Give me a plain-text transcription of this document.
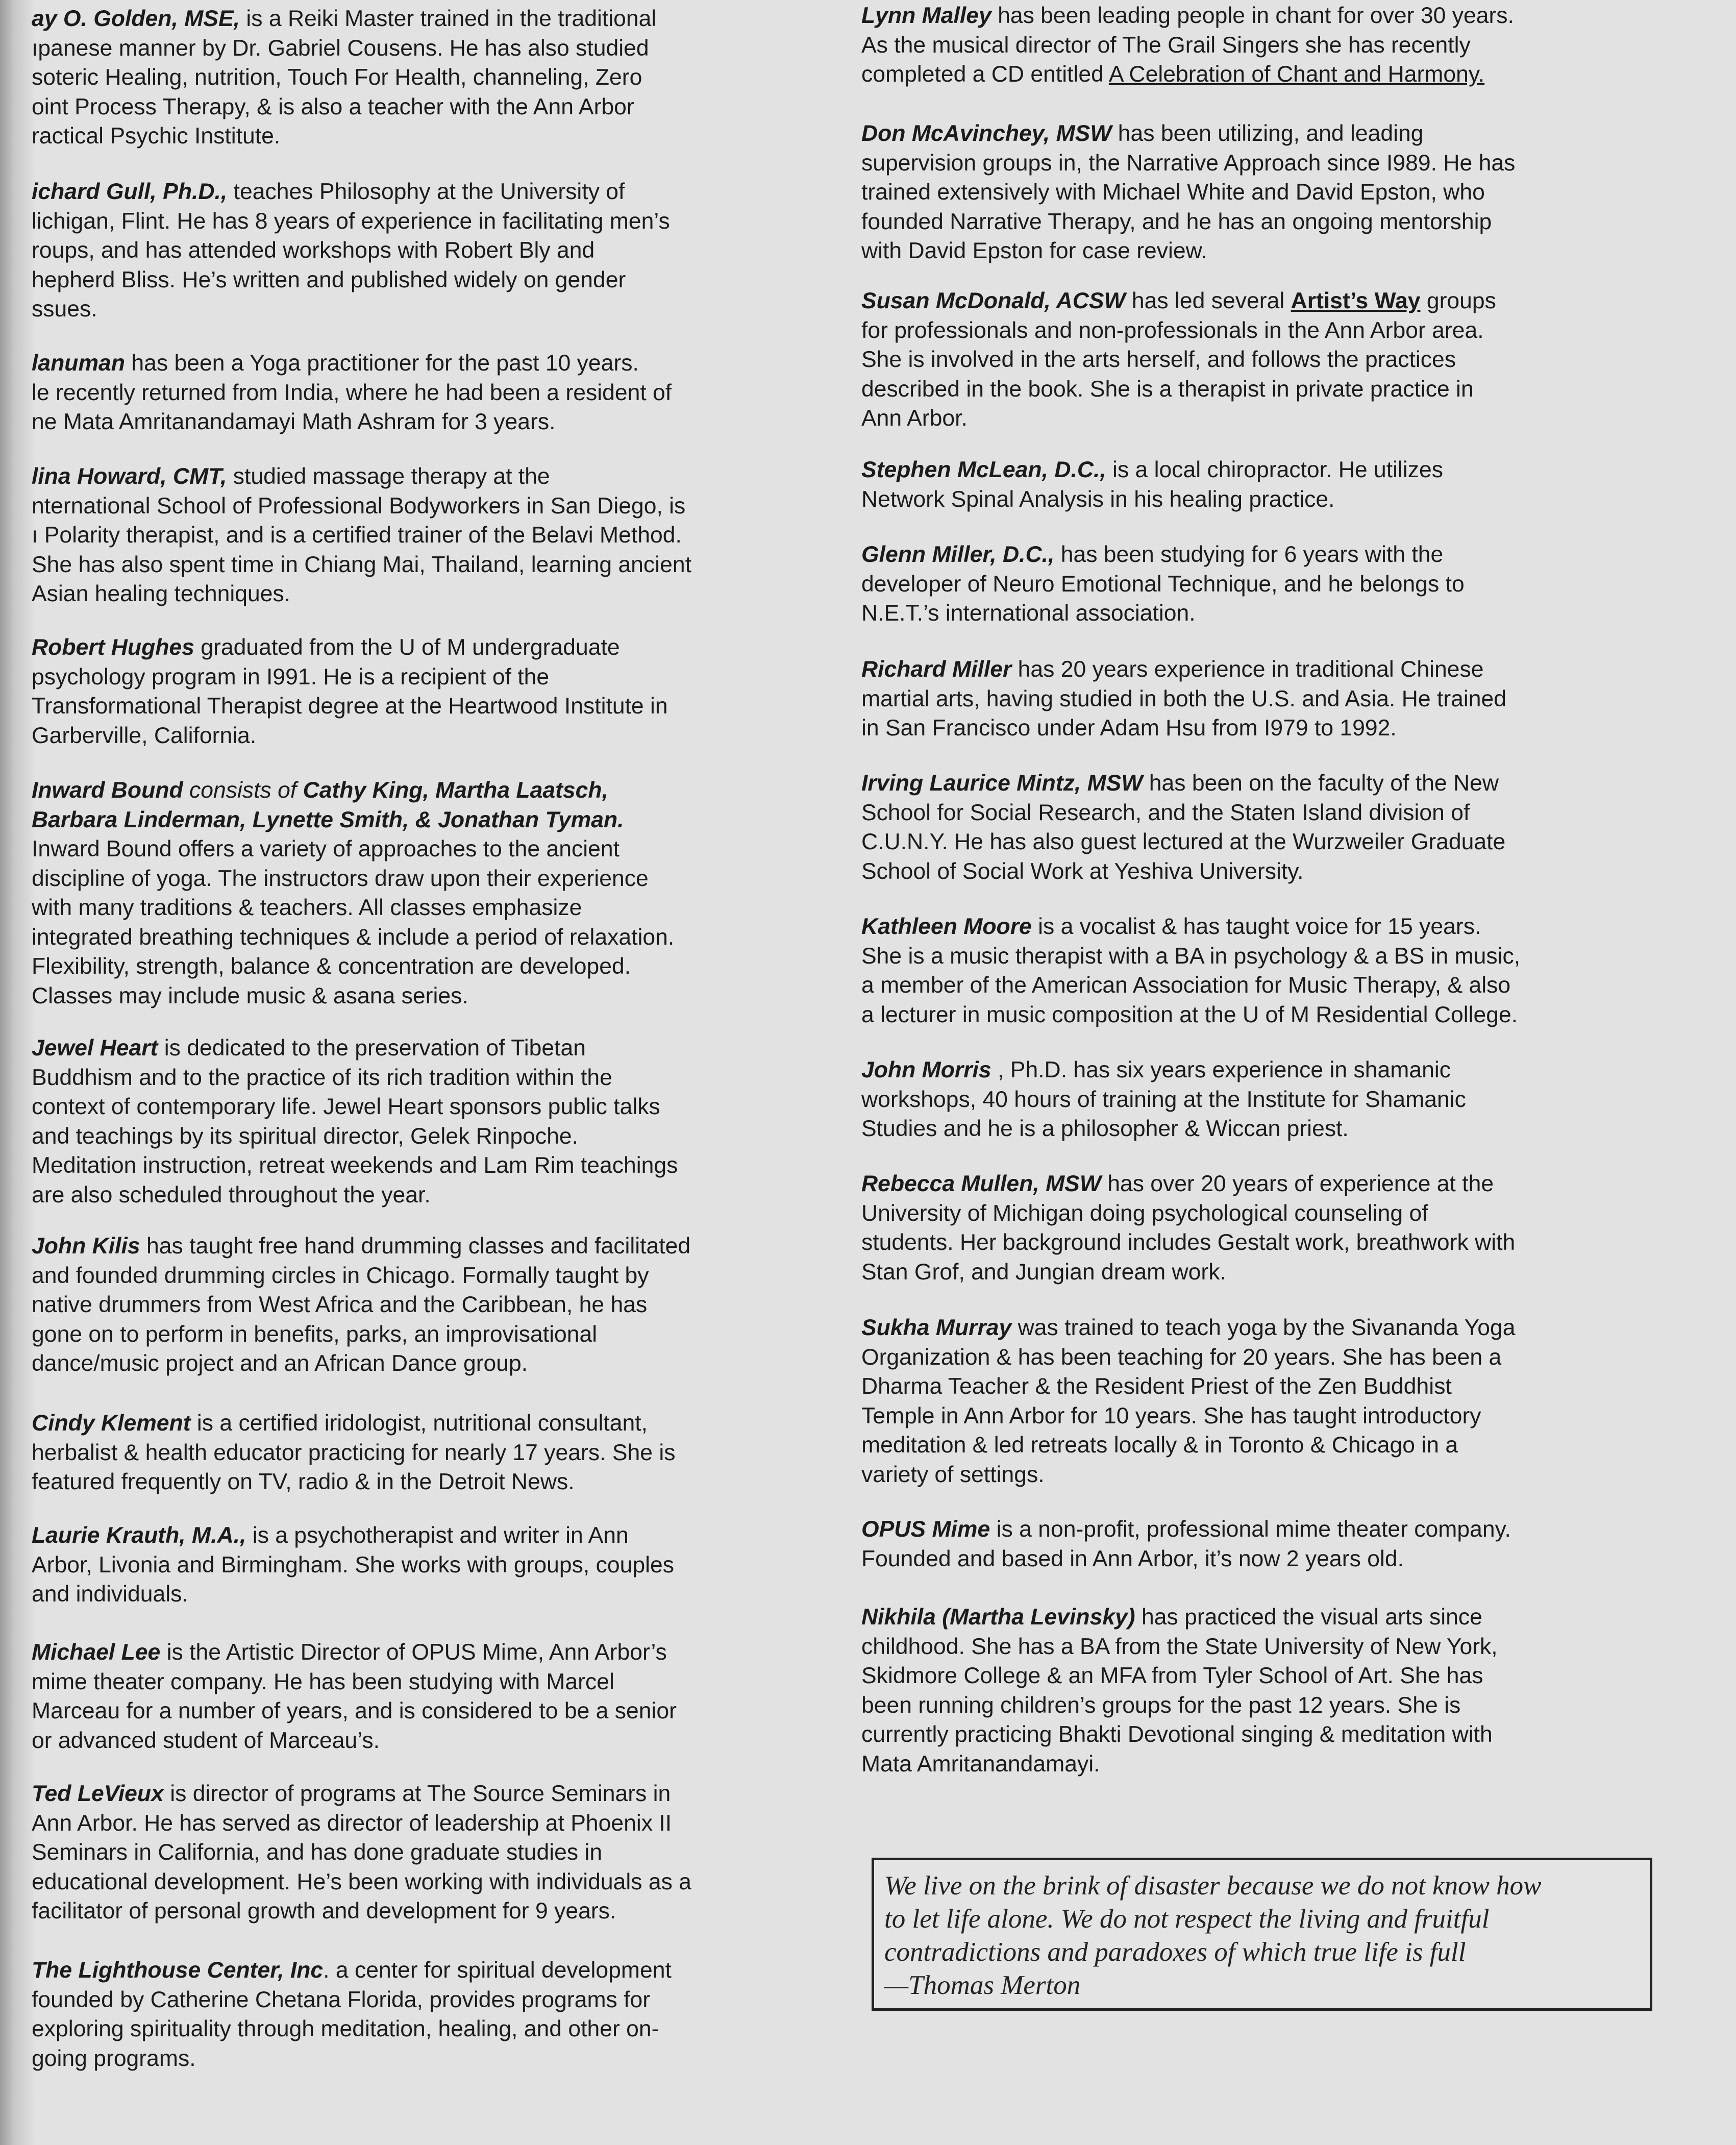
ay O. Golden, MSE, is a Reiki Master trained in the traditional
ıpanese manner by Dr. Gabriel Cousens. He has also studied
soteric Healing, nutrition, Touch For Health, channeling, Zero
oint Process Therapy, & is also a teacher with the Ann Arbor
ractical Psychic Institute.
ichard Gull, Ph.D., teaches Philosophy at the University of
lichigan, Flint. He has 8 years of experience in facilitating men’s
roups, and has attended workshops with Robert Bly and
hepherd Bliss. He’s written and published widely on gender
ssues.
lanuman has been a Yoga practitioner for the past 10 years.
le recently returned from India, where he had been a resident of
ne Mata Amritanandamayi Math Ashram for 3 years.
lina Howard, CMT, studied massage therapy at the
nternational School of Professional Bodyworkers in San Diego, is
ı Polarity therapist, and is a certified trainer of the Belavi Method.
She has also spent time in Chiang Mai, Thailand, learning ancient
Asian healing techniques.
Robert Hughes graduated from the U of M undergraduate
psychology program in I991. He is a recipient of the
Transformational Therapist degree at the Heartwood Institute in
Garberville, California.
Inward Bound consists of Cathy King, Martha Laatsch,
Barbara Linderman, Lynette Smith, & Jonathan Tyman.
Inward Bound offers a variety of approaches to the ancient
discipline of yoga. The instructors draw upon their experience
with many traditions & teachers. All classes emphasize
integrated breathing techniques & include a period of relaxation.
Flexibility, strength, balance & concentration are developed.
Classes may include music & asana series.
Jewel Heart is dedicated to the preservation of Tibetan
Buddhism and to the practice of its rich tradition within the
context of contemporary life. Jewel Heart sponsors public talks
and teachings by its spiritual director, Gelek Rinpoche.
Meditation instruction, retreat weekends and Lam Rim teachings
are also scheduled throughout the year.
John Kilis has taught free hand drumming classes and facilitated
and founded drumming circles in Chicago. Formally taught by
native drummers from West Africa and the Caribbean, he has
gone on to perform in benefits, parks, an improvisational
dance/music project and an African Dance group.
Cindy Klement is a certified iridologist, nutritional consultant,
herbalist & health educator practicing for nearly 17 years. She is
featured frequently on TV, radio & in the Detroit News.
Laurie Krauth, M.A., is a psychotherapist and writer in Ann
Arbor, Livonia and Birmingham. She works with groups, couples
and individuals.
Michael Lee is the Artistic Director of OPUS Mime, Ann Arbor’s
mime theater company. He has been studying with Marcel
Marceau for a number of years, and is considered to be a senior
or advanced student of Marceau’s.
Ted LeVieux is director of programs at The Source Seminars in
Ann Arbor. He has served as director of leadership at Phoenix II
Seminars in California, and has done graduate studies in
educational development. He’s been working with individuals as a
facilitator of personal growth and development for 9 years.
The Lighthouse Center, Inc. a center for spiritual development
founded by Catherine Chetana Florida, provides programs for
exploring spirituality through meditation, healing, and other on-
going programs.
Lynn Malley has been leading people in chant for over 30 years.
As the musical director of The Grail Singers she has recently
completed a CD entitled A Celebration of Chant and Harmony.
Don McAvinchey, MSW has been utilizing, and leading
supervision groups in, the Narrative Approach since I989. He has
trained extensively with Michael White and David Epston, who
founded Narrative Therapy, and he has an ongoing mentorship
with David Epston for case review.
Susan McDonald, ACSW has led several Artist’s Way groups
for professionals and non-professionals in the Ann Arbor area.
She is involved in the arts herself, and follows the practices
described in the book. She is a therapist in private practice in
Ann Arbor.
Stephen McLean, D.C., is a local chiropractor. He utilizes
Network Spinal Analysis in his healing practice.
Glenn Miller, D.C., has been studying for 6 years with the
developer of Neuro Emotional Technique, and he belongs to
N.E.T.’s international association.
Richard Miller has 20 years experience in traditional Chinese
martial arts, having studied in both the U.S. and Asia. He trained
in San Francisco under Adam Hsu from I979 to 1992.
Irving Laurice Mintz, MSW has been on the faculty of the New
School for Social Research, and the Staten Island division of
C.U.N.Y. He has also guest lectured at the Wurzweiler Graduate
School of Social Work at Yeshiva University.
Kathleen Moore is a vocalist & has taught voice for 15 years.
She is a music therapist with a BA in psychology & a BS in music,
a member of the American Association for Music Therapy, & also
a lecturer in music composition at the U of M Residential College.
John Morris , Ph.D. has six years experience in shamanic
workshops, 40 hours of training at the Institute for Shamanic
Studies and he is a philosopher & Wiccan priest.
Rebecca Mullen, MSW has over 20 years of experience at the
University of Michigan doing psychological counseling of
students. Her background includes Gestalt work, breathwork with
Stan Grof, and Jungian dream work.
Sukha Murray was trained to teach yoga by the Sivananda Yoga
Organization & has been teaching for 20 years. She has been a
Dharma Teacher & the Resident Priest of the Zen Buddhist
Temple in Ann Arbor for 10 years. She has taught introductory
meditation & led retreats locally & in Toronto & Chicago in a
variety of settings.
OPUS Mime is a non-profit, professional mime theater company.
Founded and based in Ann Arbor, it’s now 2 years old.
Nikhila (Martha Levinsky) has practiced the visual arts since
childhood. She has a BA from the State University of New York,
Skidmore College & an MFA from Tyler School of Art. She has
been running children’s groups for the past 12 years. She is
currently practicing Bhakti Devotional singing & meditation with
Mata Amritanandamayi.
We live on the brink of disaster because we do not know how
to let life alone. We do not respect the living and fruitful
contradictions and paradoxes of which true life is full
—Thomas Merton
